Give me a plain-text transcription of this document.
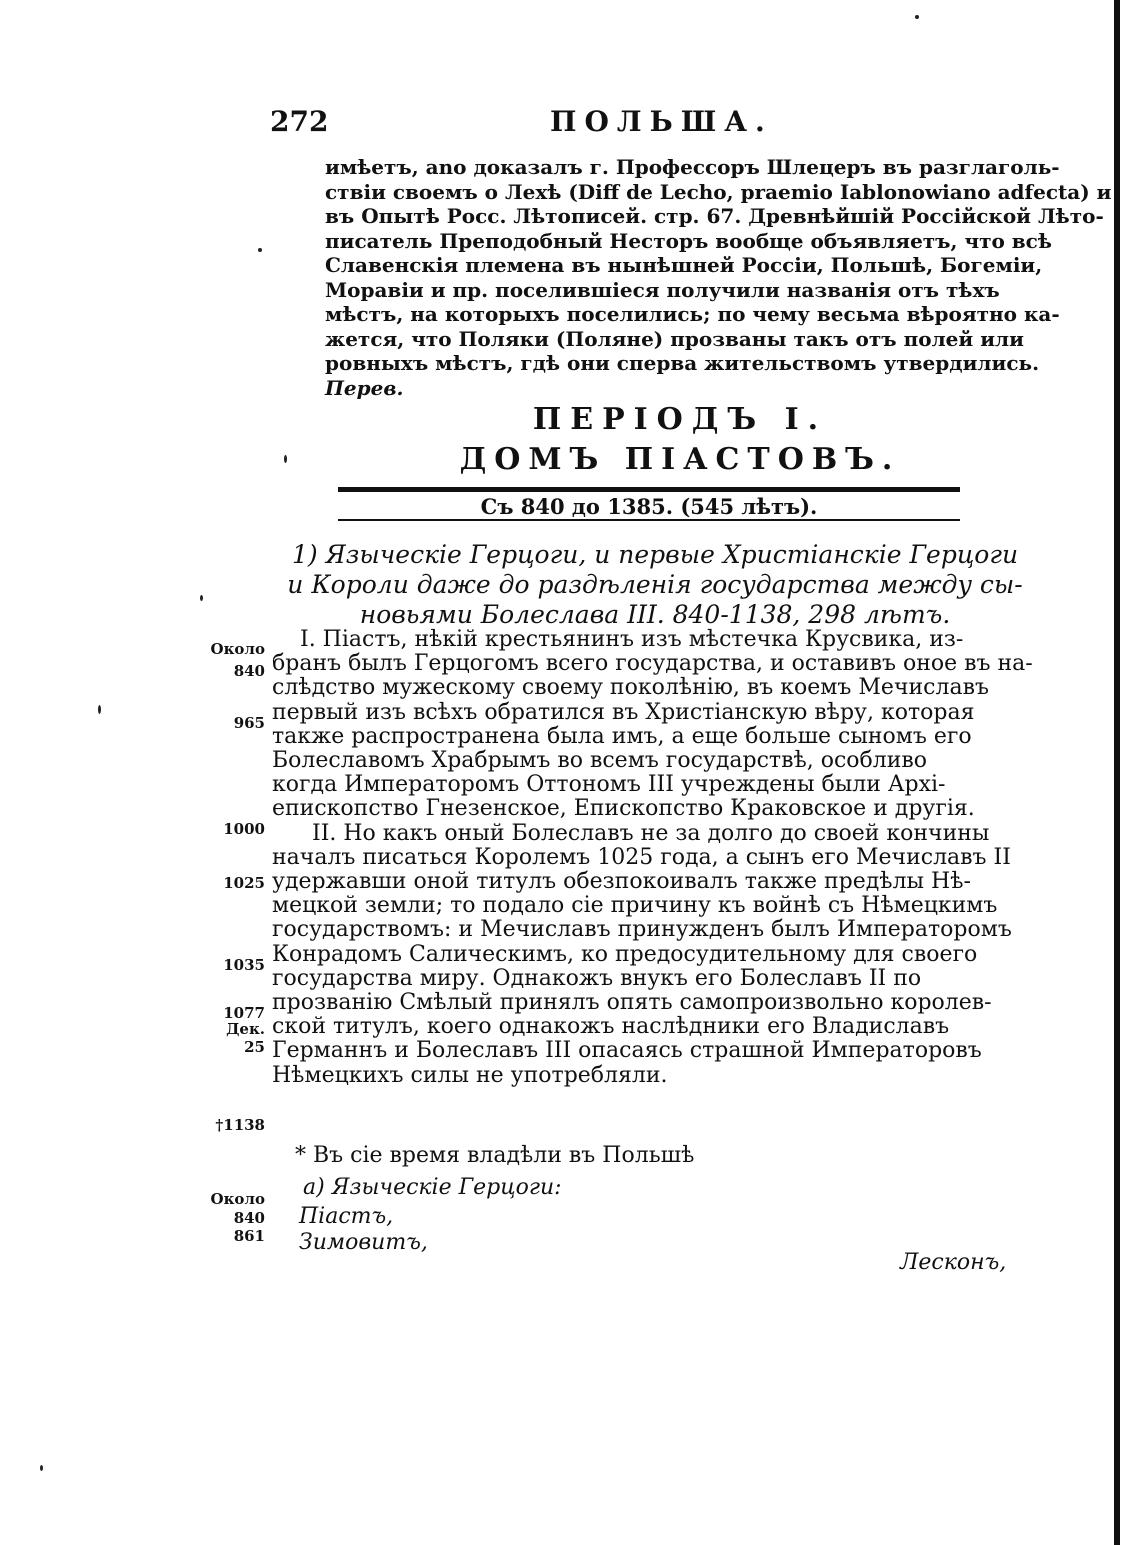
272	ПОЛЬША.
имѣетъ, ano доказалъ г. Профессоръ Шлецеръ въ разглаголь-
ствіи своемъ о Лехѣ (Diff de Lecho, praemio Iablonowiano adfecta) и
въ Опытѣ Росс. Лѣтописей. стр. 67. Древнѣйшій Россійской Лѣто-
писатель Преподобный Несторъ вообще объявляетъ, что всѣ
Славенскія племена въ нынѣшней Россіи, Польшѣ, Богеміи,
Моравіи и пр. поселившіеся получили названія отъ тѣхъ
мѣстъ, на которыхъ поселились; по чему весьма вѣроятно ка-
жется, что Поляки (Поляне) прозваны такъ отъ полей или
ровныхъ мѣстъ, гдѣ они сперва жительствомъ утвердились.
Перев.
ПЕРІОДЪ І.
ДОМЪ ПІАСТОВЪ.
Съ 840 до 1385. (545 лѣтъ).
1) Языческіе Герцоги, и первые Христіанскіе Герцоги
и Короли даже до раздѣленія государства между сы-
новьями Болеслава III. 840-1138, 298 лѣтъ.
І. Піастъ, нѣкій крестьянинъ изъ мѣстечка Крусвика, из-
бранъ былъ Герцогомъ всего государства, и оставивъ оное въ на-
слѣдство мужескому своему поколѣнію, въ коемъ Мечиславъ
первый изъ всѣхъ обратился въ Христіанскую вѣру, которая
также распространена была имъ, а еще больше сыномъ его
Болеславомъ Храбрымъ во всемъ государствѣ, особливо
когда Императоромъ Оттономъ III учреждены были Архі-
епископство Гнезенское, Епископство Краковское и другія.
II. Но какъ оный Болеславъ не за долго до своей кончины
началъ писаться Королемъ 1025 года, а сынъ его Мечиславъ II
удержавши оной титулъ обезпокоивалъ также предѣлы Нѣ-
мецкой земли; то подало сіе причину къ войнѣ съ Нѣмецкимъ
государствомъ: и Мечиславъ принужденъ былъ Императоромъ
Конрадомъ Салическимъ, ко предосудительному для своего
государства миру. Однакожъ внукъ его Болеславъ II по
прозванію Смѣлый принялъ опять самопроизвольно королев-
ской титулъ, коего однакожъ наслѣдники его Владиславъ
Германнъ и Болеславъ III опасаясь страшной Императоровъ
Нѣмецкихъ силы не употребляли.
Около
840
965
1000
1025
1035
1077
Дек.
25
†1138
Около
840
861
* Въ сіе время владѣли въ Польшѣ
а) Языческіе Герцоги:
Піастъ,
Зимовитъ,
Лесконъ,
